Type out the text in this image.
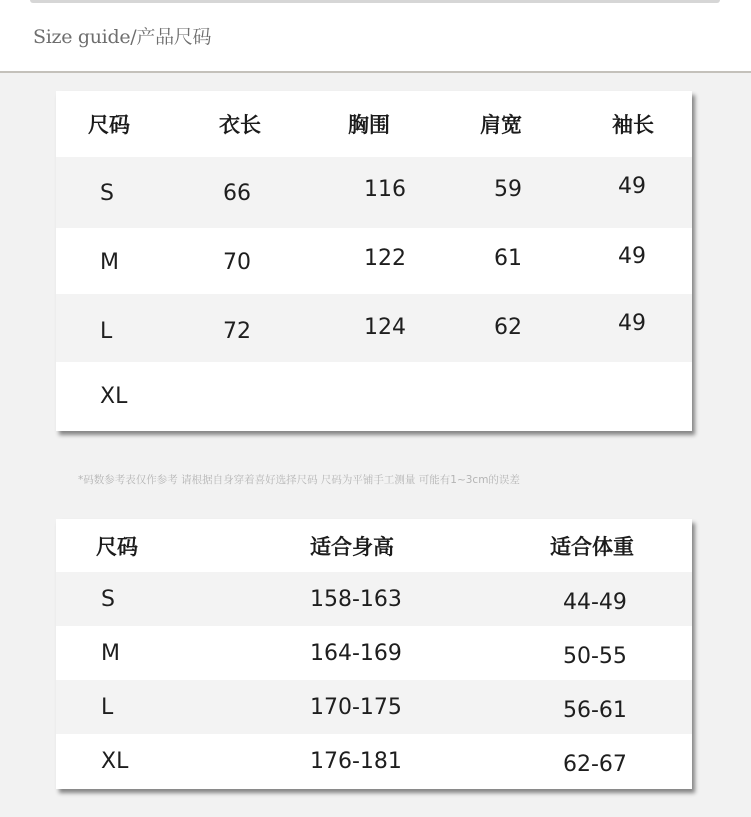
Size guide/产品尺码
尺码	衣长	胸围	肩宽	袖长
S	66	116	59	49
M	70	122	61	49
L	72	124	62	49
XL
*码数参考表仅作参考 请根据自身穿着喜好选择尺码 尺码为平铺手工测量 可能有1~3cm的误差
尺码	适合身高	适合体重
S	158-163	44-49
M	164-169	50-55
L	170-175	56-61
XL	176-181	62-67
